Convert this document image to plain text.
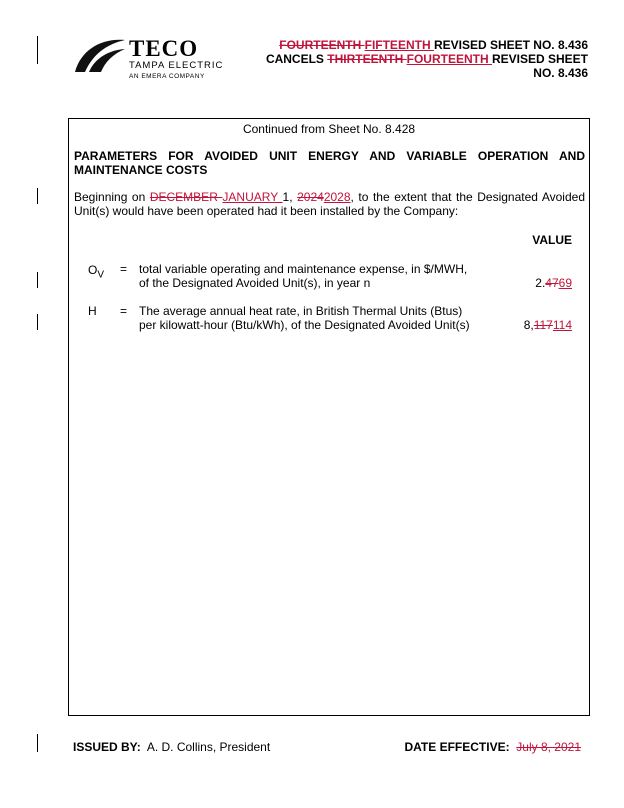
TECO
TAMPA ELECTRIC
AN EMERA COMPANY
FOURTEENTH FIFTEENTH REVISED SHEET NO. 8.436
CANCELS THIRTEENTH FOURTEENTH REVISED SHEET
NO. 8.436
Continued from Sheet No. 8.428
PARAMETERS FOR AVOIDED UNIT ENERGY AND VARIABLE OPERATION AND MAINTENANCE COSTS
Beginning on DECEMBER JANUARY 1, 20242028, to the extent that the Designated Avoided Unit(s) would have been operated had it been installed by the Company:
VALUE
$O_V$ = total variable operating and maintenance expense, in $/MWH,
of the Designated Avoided Unit(s), in year n	2.4769
H = The average annual heat rate, in British Thermal Units (Btus)
per kilowatt-hour (Btu/kWh), of the Designated Avoided Unit(s)	8,117114
ISSUED BY: A. D. Collins, President	DATE EFFECTIVE: July 8, 2021
